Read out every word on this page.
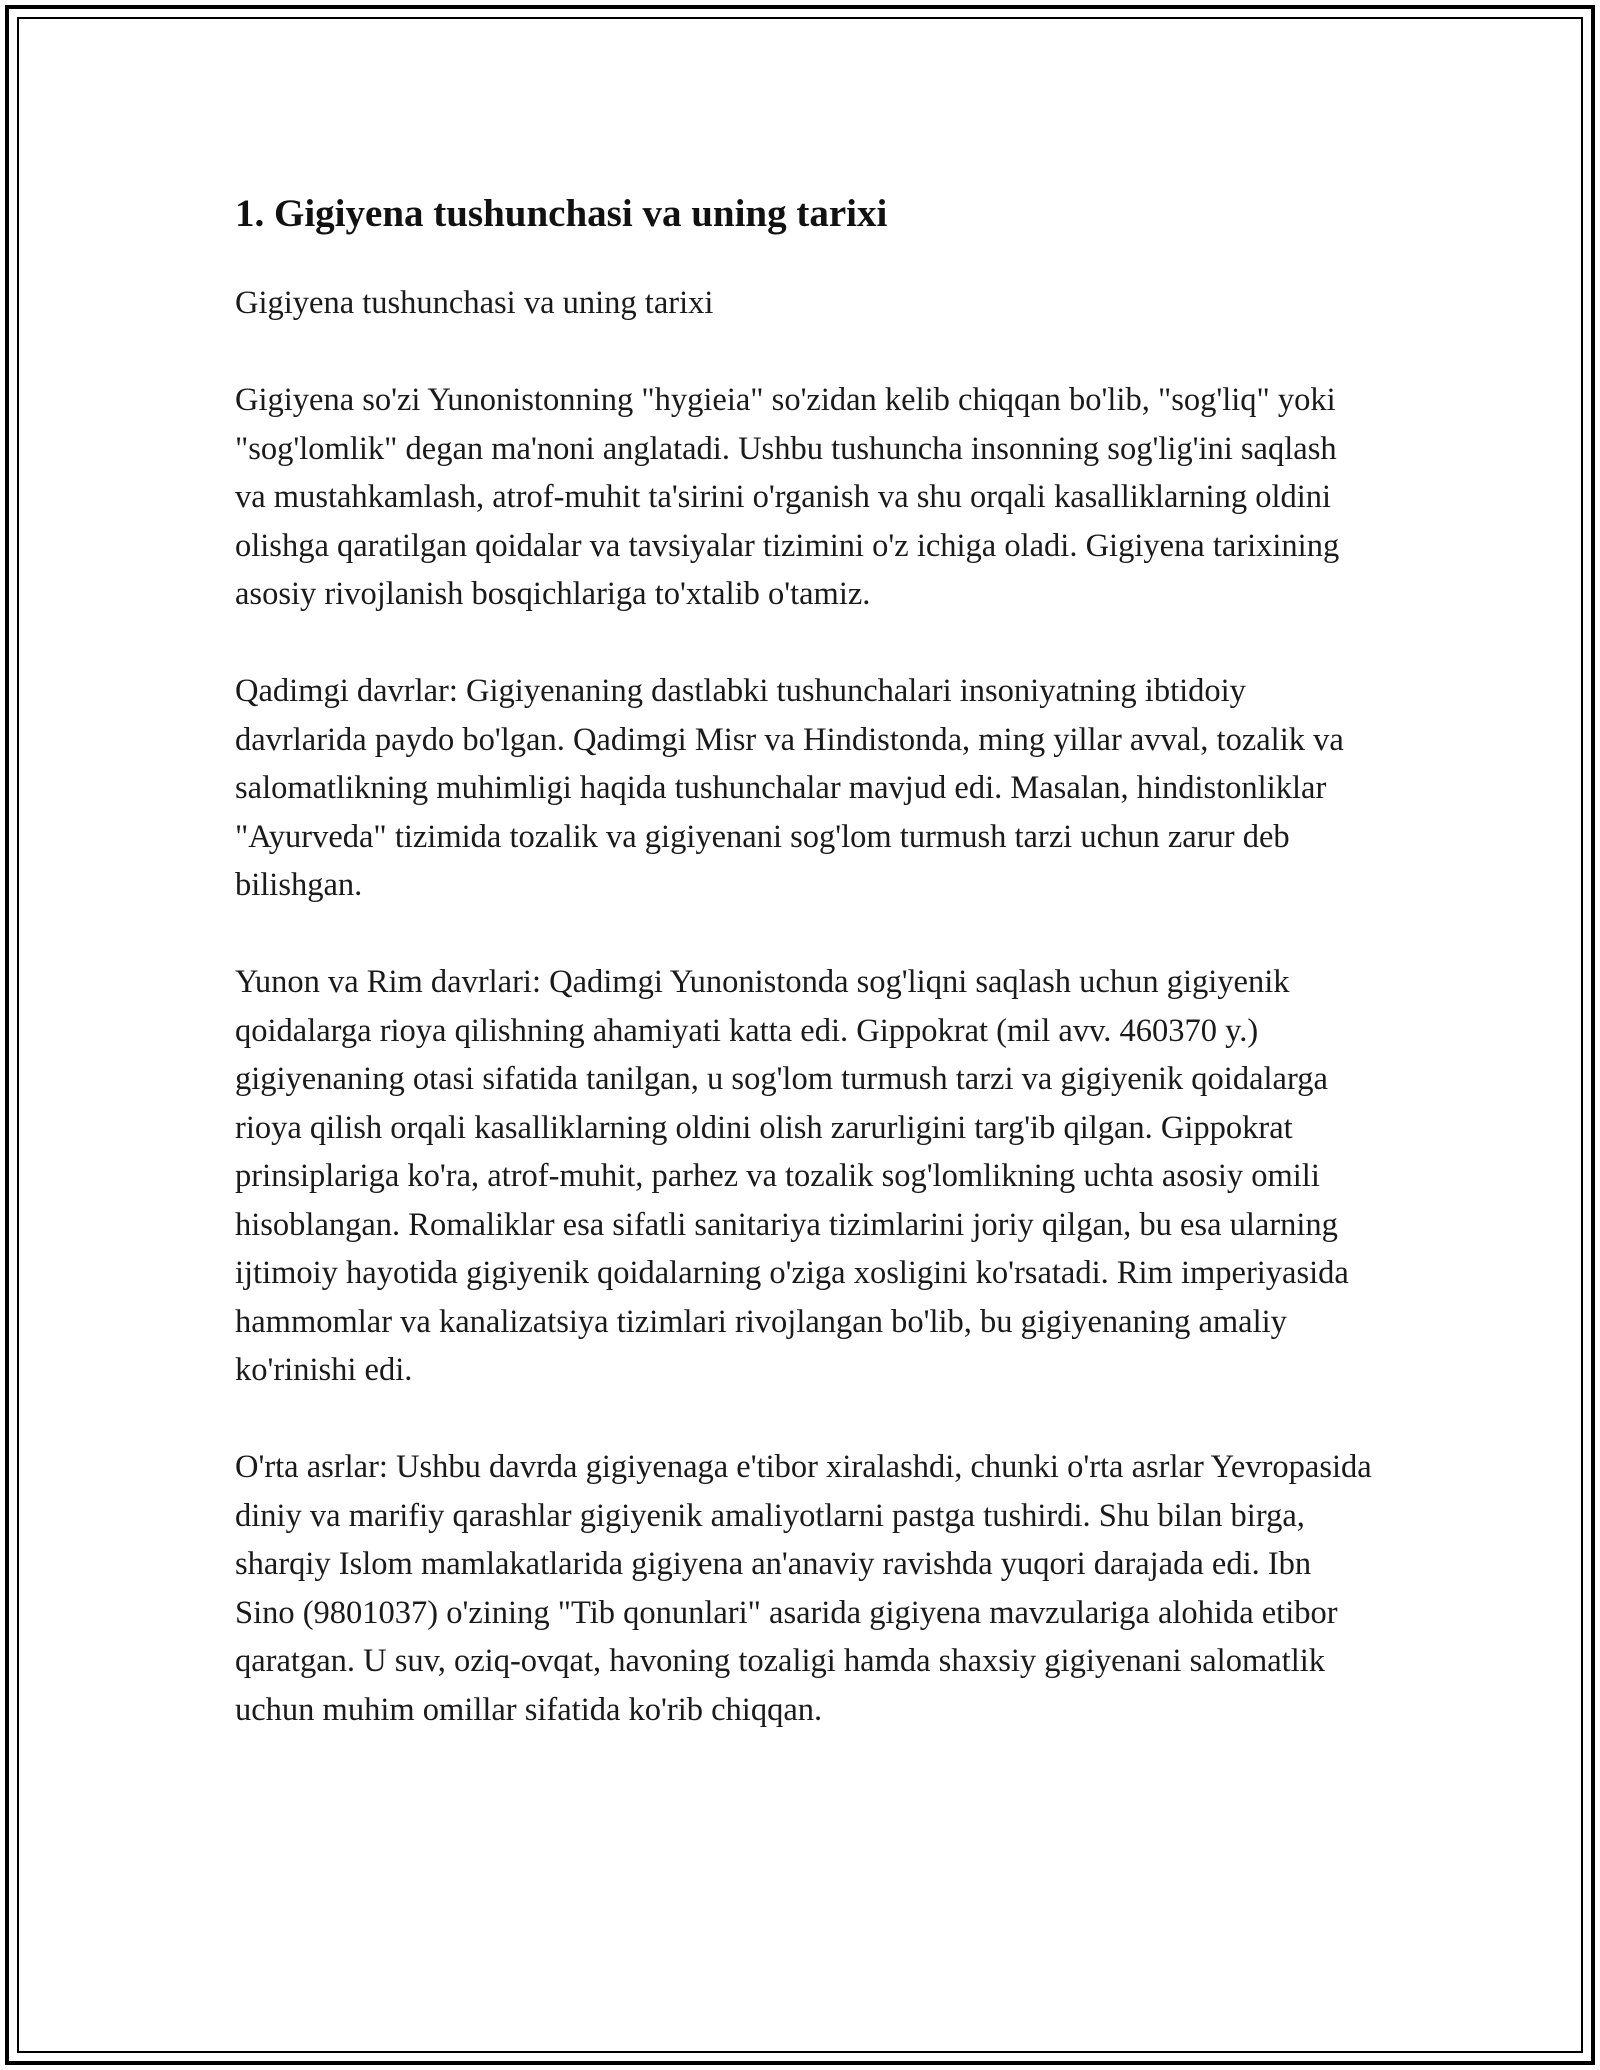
1. Gigiyena tushunchasi va uning tarixi

Gigiyena tushunchasi va uning tarixi

Gigiyena so'zi Yunonistonning "hygieia" so'zidan kelib chiqqan bo'lib, "sog'liq" yoki "sog'lomlik" degan ma'noni anglatadi. Ushbu tushuncha insonning sog'lig'ini saqlash va mustahkamlash, atrof-muhit ta'sirini o'rganish va shu orqali kasalliklarning oldini olishga qaratilgan qoidalar va tavsiyalar tizimini o'z ichiga oladi. Gigiyena tarixining asosiy rivojlanish bosqichlariga to'xtalib o'tamiz.

Qadimgi davrlar: Gigiyenaning dastlabki tushunchalari insoniyatning ibtidoiy davrlarida paydo bo'lgan. Qadimgi Misr va Hindistonda, ming yillar avval, tozalik va salomatlikning muhimligi haqida tushunchalar mavjud edi. Masalan, hindistonliklar "Ayurveda" tizimida tozalik va gigiyenani sog'lom turmush tarzi uchun zarur deb bilishgan.

Yunon va Rim davrlari: Qadimgi Yunonistonda sog'liqni saqlash uchun gigiyenik qoidalarga rioya qilishning ahamiyati katta edi. Gippokrat (mil avv. 460370 y.) gigiyenaning otasi sifatida tanilgan, u sog'lom turmush tarzi va gigiyenik qoidalarga rioya qilish orqali kasalliklarning oldini olish zarurligini targ'ib qilgan. Gippokrat prinsiplariga ko'ra, atrof-muhit, parhez va tozalik sog'lomlikning uchta asosiy omili hisoblangan. Romaliklar esa sifatli sanitariya tizimlarini joriy qilgan, bu esa ularning ijtimoiy hayotida gigiyenik qoidalarning o'ziga xosligini ko'rsatadi. Rim imperiyasida hammomlar va kanalizatsiya tizimlari rivojlangan bo'lib, bu gigiyenaning amaliy ko'rinishi edi.

O'rta asrlar: Ushbu davrda gigiyenaga e'tibor xiralashdi, chunki o'rta asrlar Yevropasida diniy va marifiy qarashlar gigiyenik amaliyotlarni pastga tushirdi. Shu bilan birga, sharqiy Islom mamlakatlarida gigiyena an'anaviy ravishda yuqori darajada edi. Ibn Sino (9801037) o'zining "Tib qonunlari" asarida gigiyena mavzulariga alohida etibor qaratgan. U suv, oziq-ovqat, havoning tozaligi hamda shaxsiy gigiyenani salomatlik uchun muhim omillar sifatida ko'rib chiqqan.
